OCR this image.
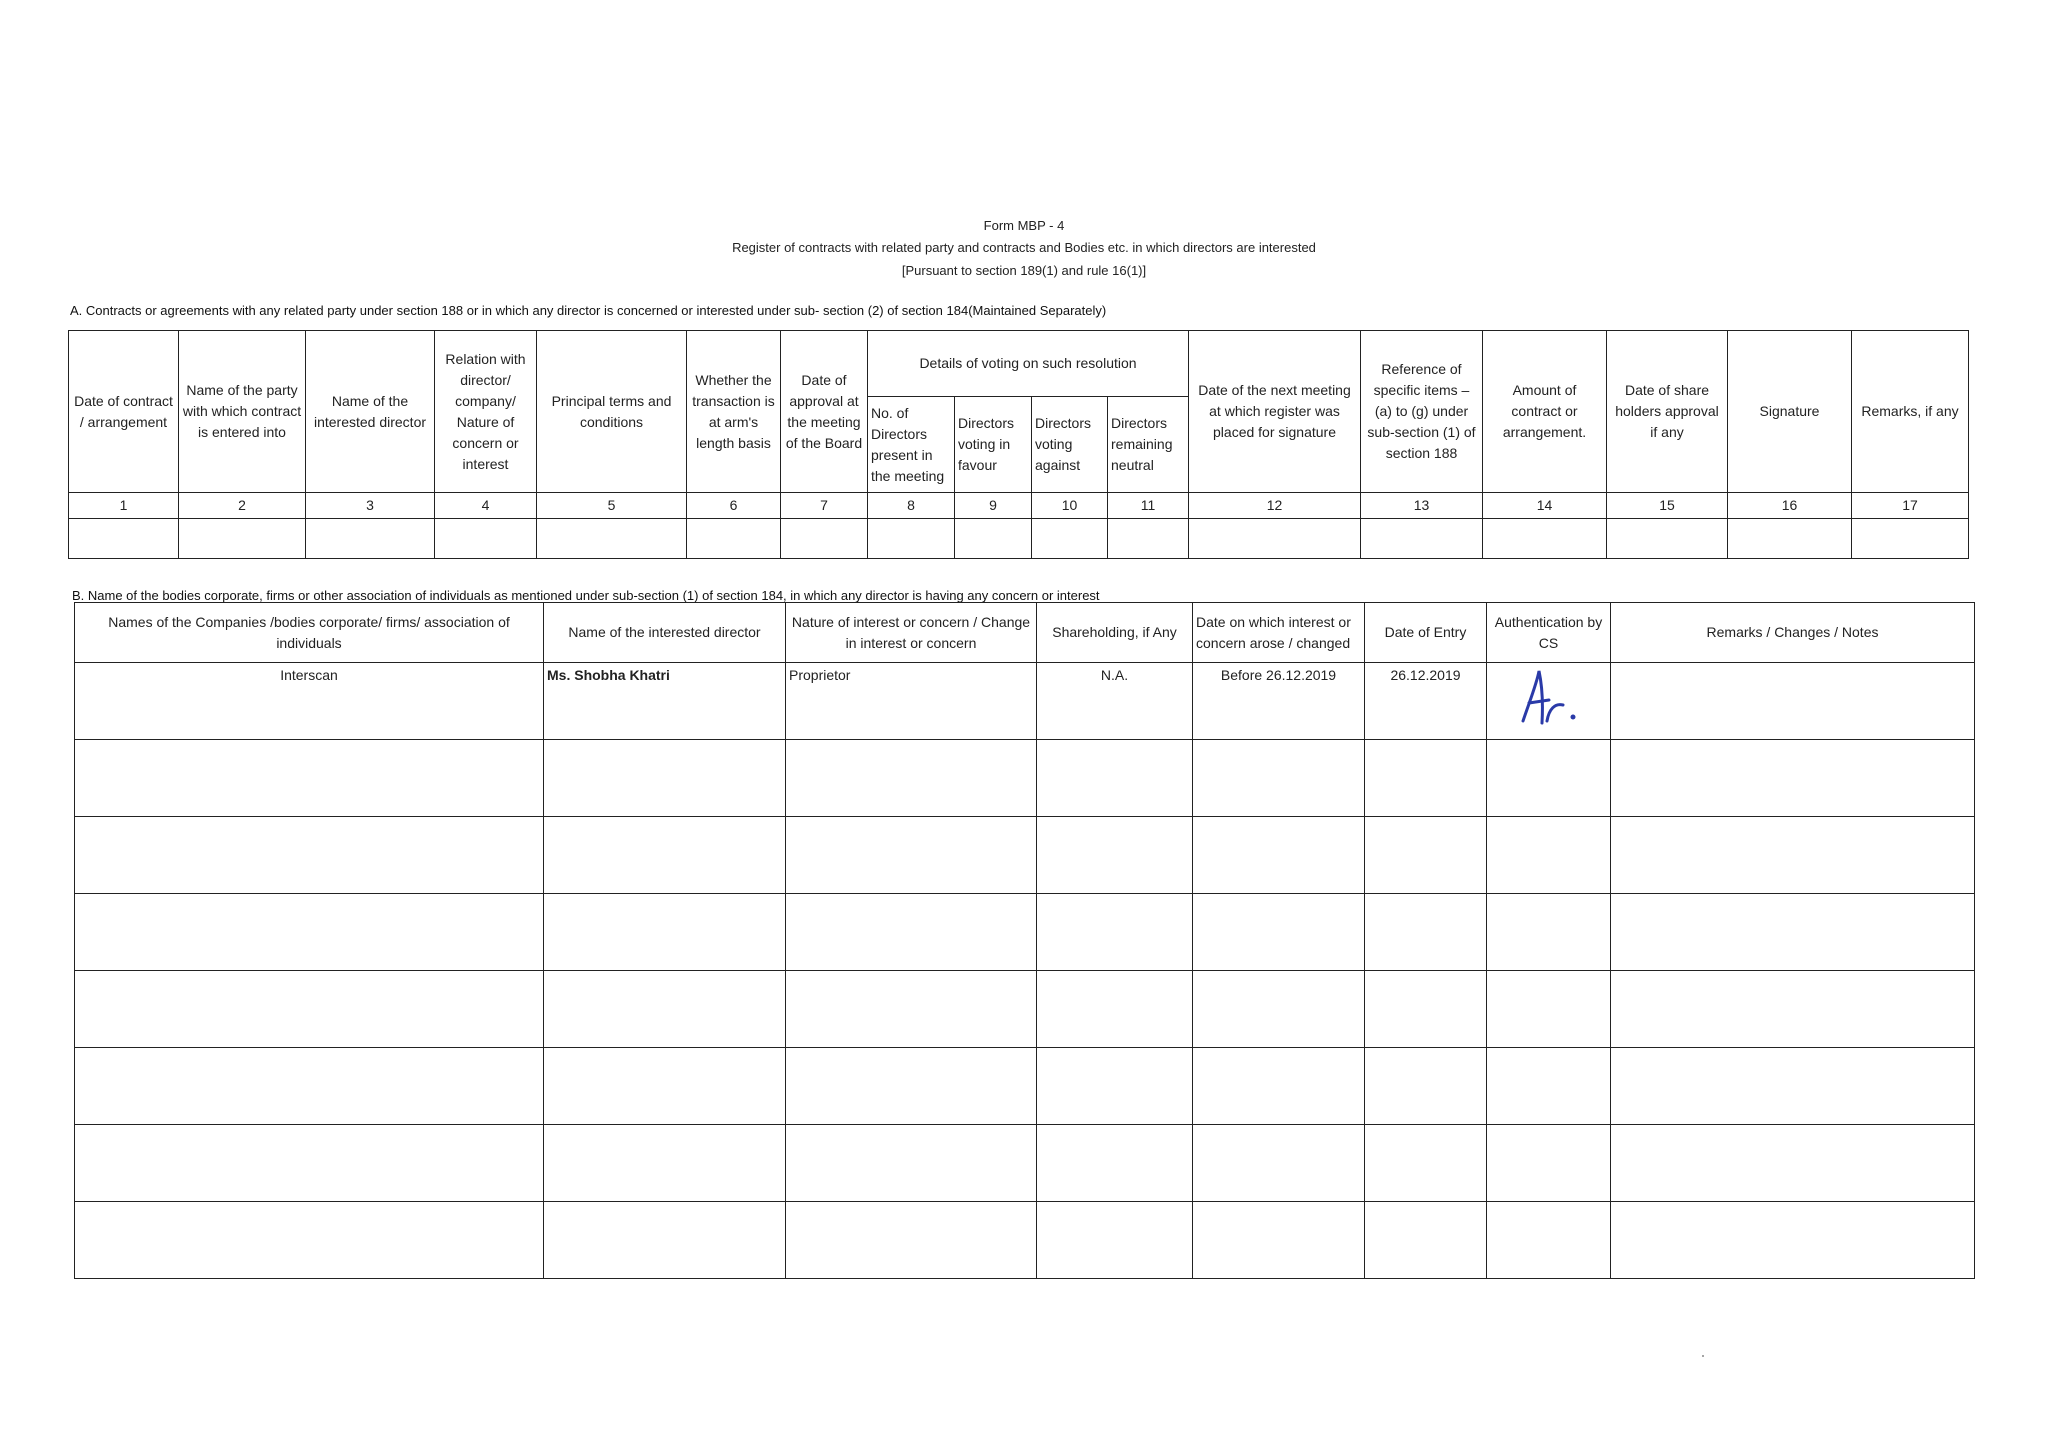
Form MBP - 4
Register of contracts with related party and contracts and Bodies etc. in which directors are interested
[Pursuant to section 189(1) and rule 16(1)]
A. Contracts or agreements with any related party under section 188 or in which any director is concerned or interested under sub- section (2) of section 184(Maintained Separately)
Date of contract / arrangement	Name of the party with which contract is entered into	Name of the interested director	Relation with director/ company/ Nature of concern or interest	Principal terms and conditions	Whether the transaction is at arm's length basis	Date of approval at the meeting of the Board	Details of voting on such resolution				Date of the next meeting at which register was placed for signature	Reference of specific items – (a) to (g) under sub-section (1) of section 188	Amount of contract or arrangement.	Date of share holders approval if any	Signature	Remarks, if any
							No. of Directors present in the meeting	Directors voting in favour	Directors voting against	Directors remaining neutral						
1	2	3	4	5	6	7	8	9	10	11	12	13	14	15	16	17

B. Name of the bodies corporate, firms or other association of individuals as mentioned under sub-section (1) of section 184, in which any director is having any concern or interest
Names of the Companies /bodies corporate/ firms/ association of individuals	Name of the interested director	Nature of interest or concern / Change in interest or concern	Shareholding, if Any	Date on which interest or concern arose / changed	Date of Entry	Authentication by CS	Remarks / Changes / Notes
Interscan	Ms. Shobha Khatri	Proprietor	N.A.	Before 26.12.2019	26.12.2019	
